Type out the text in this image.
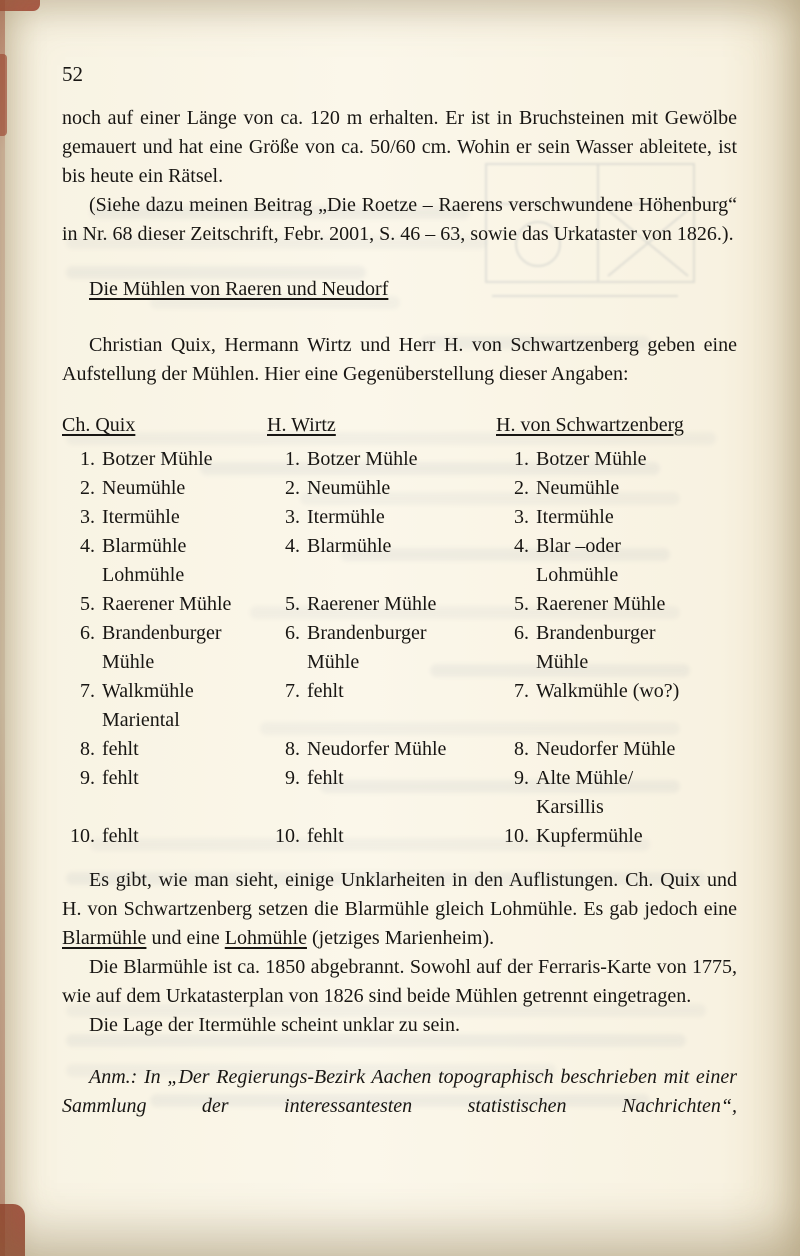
52

noch auf einer Länge von ca. 120 m erhalten. Er ist in Bruchsteinen mit Gewölbe gemauert und hat eine Größe von ca. 50/60 cm. Wohin er sein Wasser ableitete, ist bis heute ein Rätsel.

(Siehe dazu meinen Beitrag „Die Roetze – Raerens verschwundene Höhenburg“ in Nr. 68 dieser Zeitschrift, Febr. 2001, S. 46 – 63, sowie das Urkataster von 1826.).

Die Mühlen von Raeren und Neudorf

Christian Quix, Hermann Wirtz und Herr H. von Schwartzenberg geben eine Aufstellung der Mühlen. Hier eine Gegenüberstellung dieser Angaben:

Ch. Quix
1. Botzer Mühle
2. Neumühle
3. Itermühle
4. Blarmühle
Lohmühle
5. Raerener Mühle
6. Brandenburger
Mühle
7. Walkmühle
Mariental
8. fehlt
9. fehlt
10. fehlt
H. Wirtz
1. Botzer Mühle
2. Neumühle
3. Itermühle
4. Blarmühle
5. Raerener Mühle
6. Brandenburger
Mühle
7. fehlt
8. Neudorfer Mühle
9. fehlt
10. fehlt
H. von Schwartzenberg
1. Botzer Mühle
2. Neumühle
3. Itermühle
4. Blar –oder
Lohmühle
5. Raerener Mühle
6. Brandenburger
Mühle
7. Walkmühle (wo?)
8. Neudorfer Mühle
9. Alte Mühle/
Karsillis
10. Kupfermühle

Es gibt, wie man sieht, einige Unklarheiten in den Auflistungen. Ch. Quix und H. von Schwartzenberg setzen die Blarmühle gleich Lohmühle. Es gab jedoch eine Blarmühle und eine Lohmühle (jetziges Marienheim).

Die Blarmühle ist ca. 1850 abgebrannt. Sowohl auf der Ferraris-Karte von 1775, wie auf dem Urkatasterplan von 1826 sind beide Mühlen getrennt eingetragen.

Die Lage der Itermühle scheint unklar zu sein.

Anm.: In „Der Regierungs-Bezirk Aachen topographisch beschrieben mit einer Sammlung der interessantesten statistischen Nachrichten“,
